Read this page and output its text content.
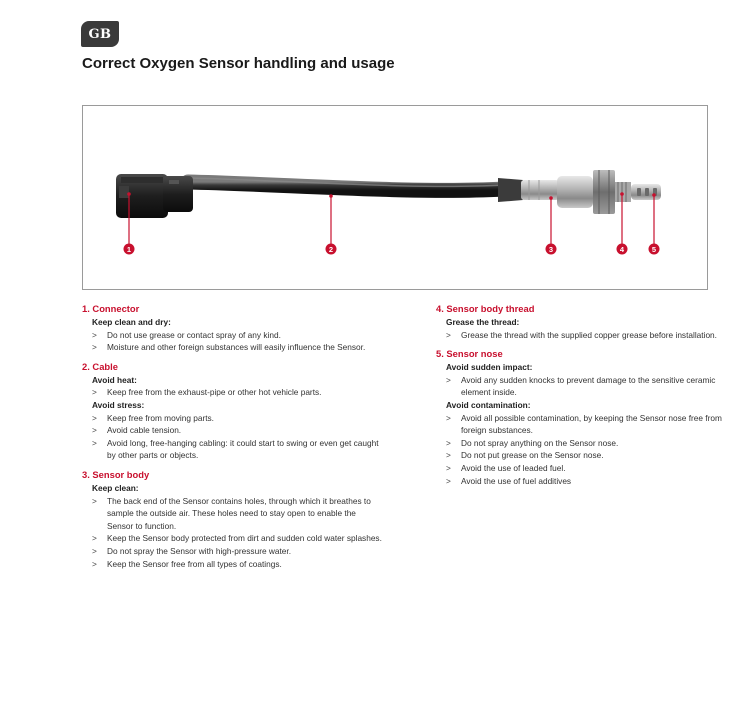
GB
Correct Oxygen Sensor handling and usage
1	2	3	4	5
1. Connector
Keep clean and dry:
> Do not use grease or contact spray of any kind.
> Moisture and other foreign substances will easily influence the Sensor.
2. Cable
Avoid heat:
> Keep free from the exhaust-pipe or other hot vehicle parts.
Avoid stress:
> Keep free from moving parts.
> Avoid cable tension.
> Avoid long, free-hanging cabling: it could start to swing or even get caught by other parts or objects.
3. Sensor body
Keep clean:
> The back end of the Sensor contains holes, through which it breathes to sample the outside air. These holes need to stay open to enable the Sensor to function.
> Keep the Sensor body protected from dirt and sudden cold water splashes.
> Do not spray the Sensor with high-pressure water.
> Keep the Sensor free from all types of coatings.
4. Sensor body thread
Grease the thread:
> Grease the thread with the supplied copper grease before installation.
5. Sensor nose
Avoid sudden impact:
> Avoid any sudden knocks to prevent damage to the sensitive ceramic element inside.
Avoid contamination:
> Avoid all possible contamination, by keeping the Sensor nose free from foreign substances.
> Do not spray anything on the Sensor nose.
> Do not put grease on the Sensor nose.
> Avoid the use of leaded fuel.
> Avoid the use of fuel additives
